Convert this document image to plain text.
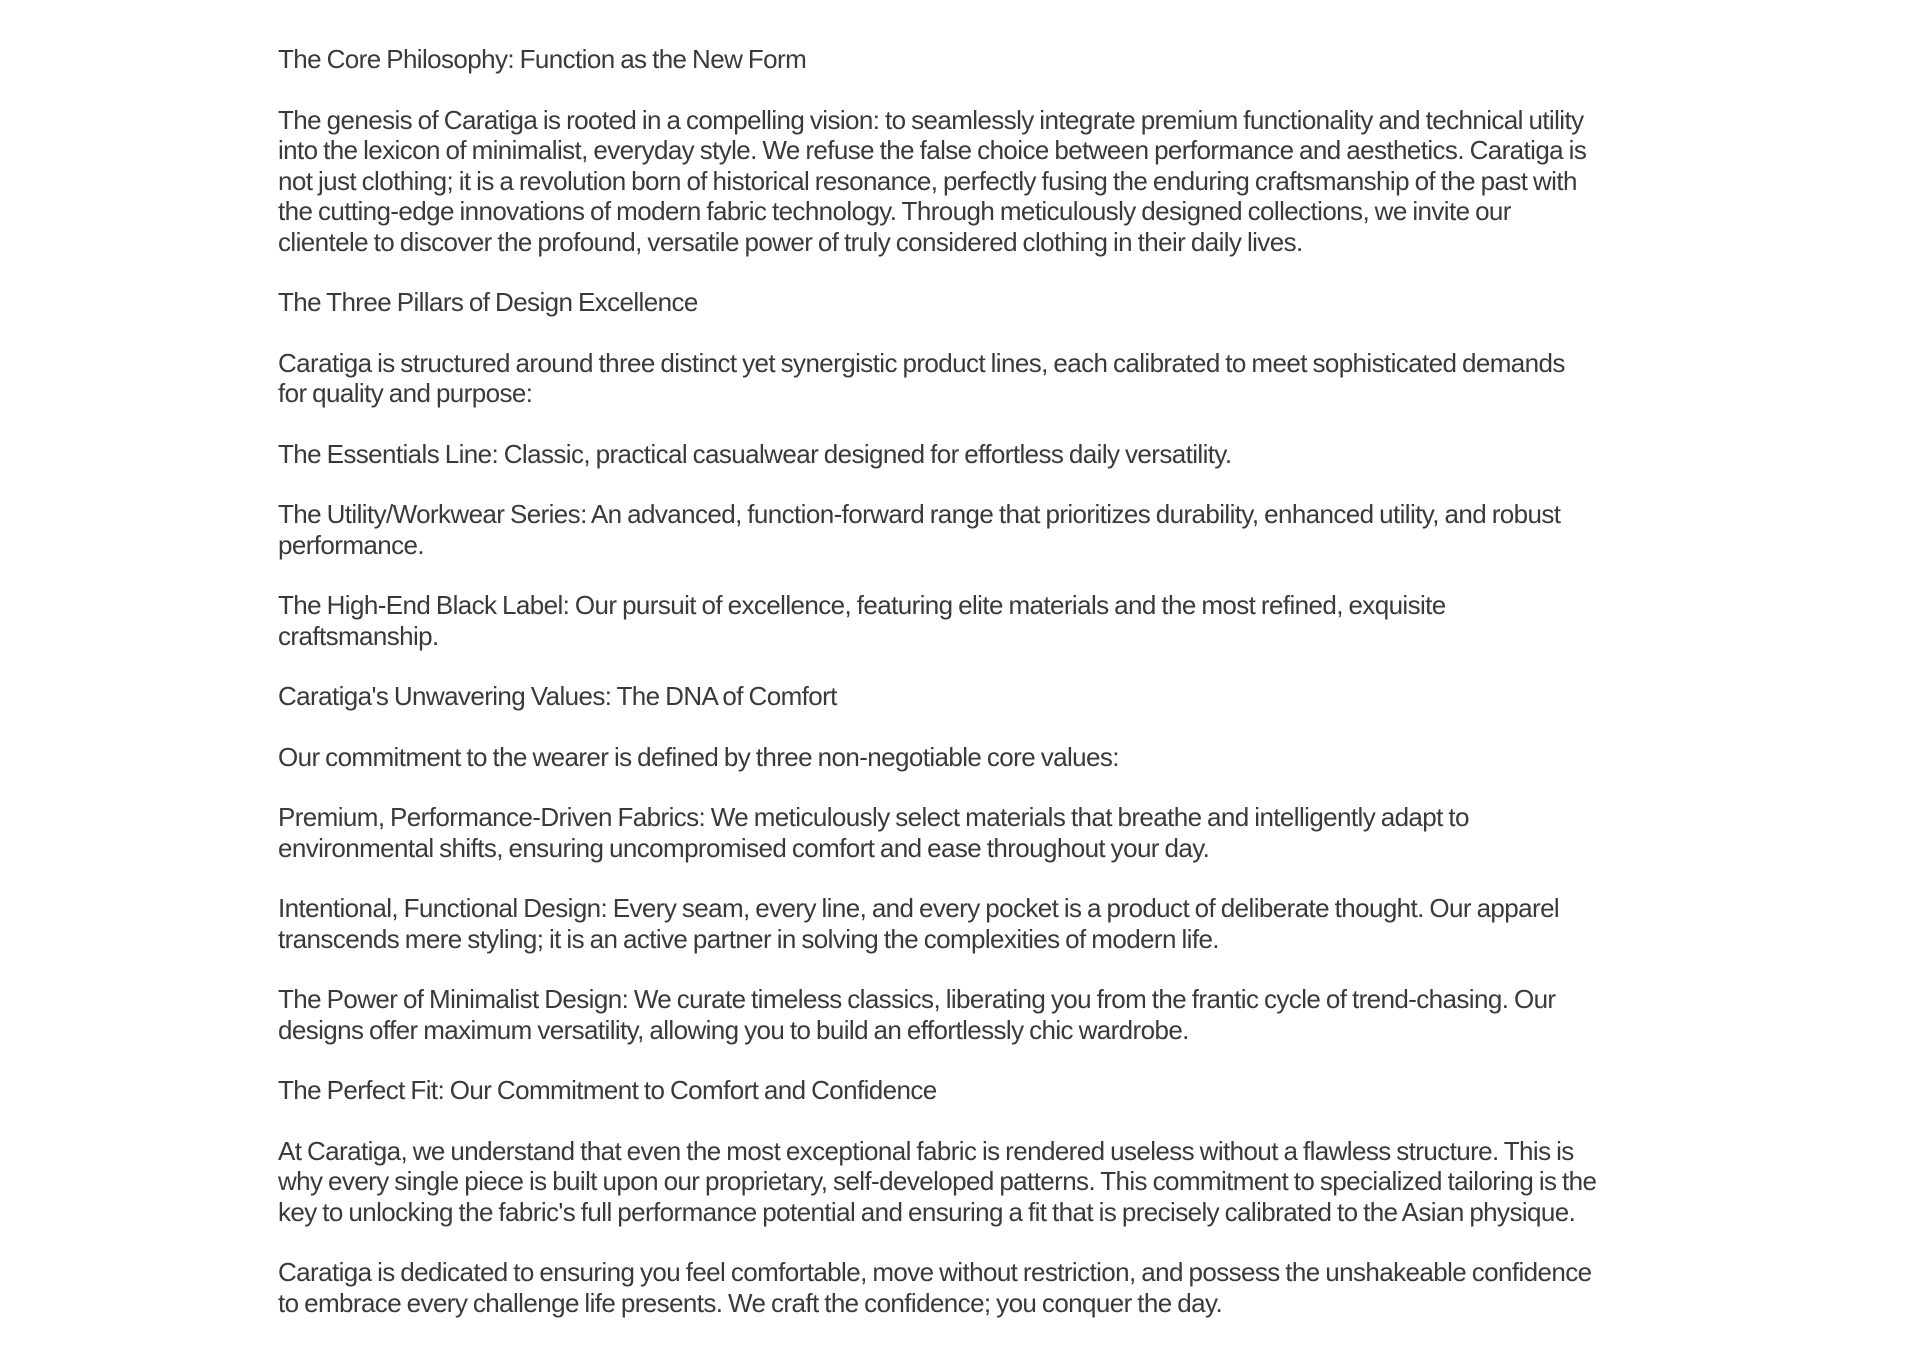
The Core Philosophy: Function as the New Form

The genesis of Caratiga is rooted in a compelling vision: to seamlessly integrate premium functionality and technical utility into the lexicon of minimalist, everyday style. We refuse the false choice between performance and aesthetics. Caratiga is not just clothing; it is a revolution born of historical resonance, perfectly fusing the enduring craftsmanship of the past with the cutting-edge innovations of modern fabric technology. Through meticulously designed collections, we invite our clientele to discover the profound, versatile power of truly considered clothing in their daily lives.

The Three Pillars of Design Excellence

Caratiga is structured around three distinct yet synergistic product lines, each calibrated to meet sophisticated demands for quality and purpose:

The Essentials Line: Classic, practical casualwear designed for effortless daily versatility.

The Utility/Workwear Series: An advanced, function-forward range that prioritizes durability, enhanced utility, and robust performance.

The High-End Black Label: Our pursuit of excellence, featuring elite materials and the most refined, exquisite craftsmanship.

Caratiga's Unwavering Values: The DNA of Comfort

Our commitment to the wearer is defined by three non-negotiable core values:

Premium, Performance-Driven Fabrics: We meticulously select materials that breathe and intelligently adapt to environmental shifts, ensuring uncompromised comfort and ease throughout your day.

Intentional, Functional Design: Every seam, every line, and every pocket is a product of deliberate thought. Our apparel transcends mere styling; it is an active partner in solving the complexities of modern life.

The Power of Minimalist Design: We curate timeless classics, liberating you from the frantic cycle of trend-chasing. Our designs offer maximum versatility, allowing you to build an effortlessly chic wardrobe.

The Perfect Fit: Our Commitment to Comfort and Confidence

At Caratiga, we understand that even the most exceptional fabric is rendered useless without a flawless structure. This is why every single piece is built upon our proprietary, self-developed patterns. This commitment to specialized tailoring is the key to unlocking the fabric's full performance potential and ensuring a fit that is precisely calibrated to the Asian physique.

Caratiga is dedicated to ensuring you feel comfortable, move without restriction, and possess the unshakeable confidence to embrace every challenge life presents. We craft the confidence; you conquer the day.
